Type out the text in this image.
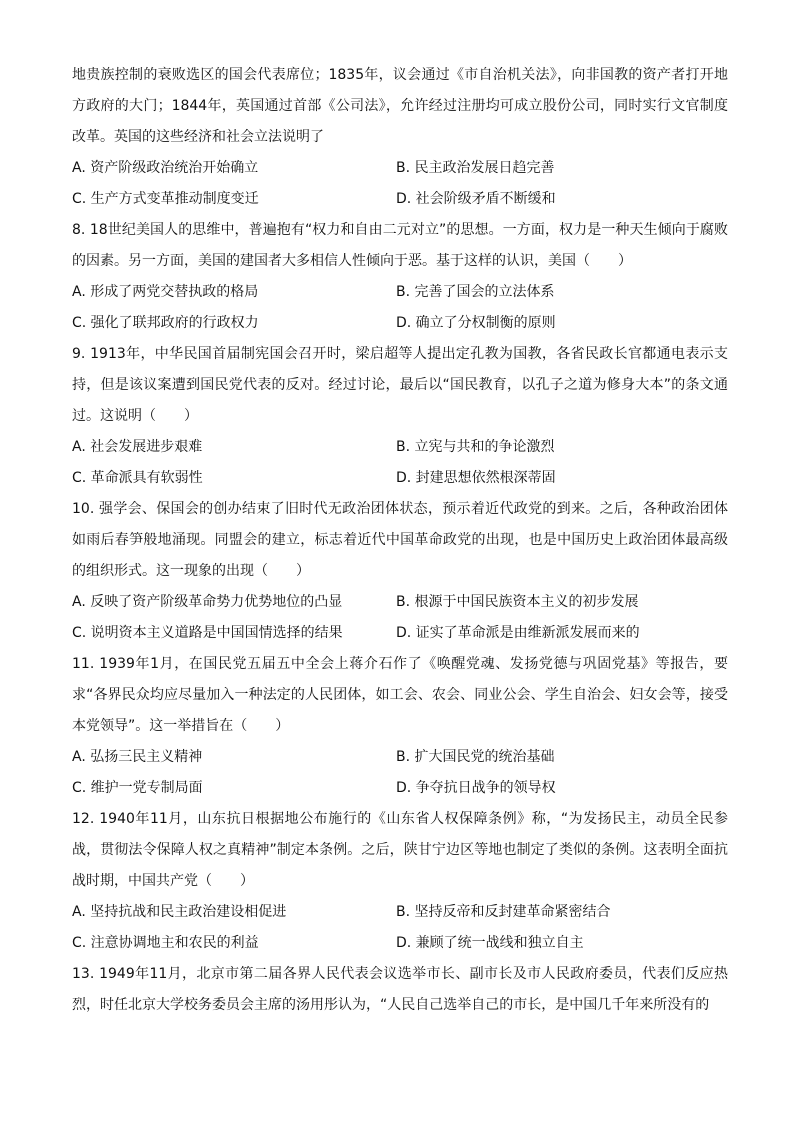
地贵族控制的衰败选区的国会代表席位；1835年，议会通过《市自治机关法》，向非国教的资产者打开地方政府的大门；1844年，英国通过首部《公司法》，允许经过注册均可成立股份公司，同时实行文官制度改革。英国的这些经济和社会立法说明了

A. 资产阶级政治统治开始确立	B. 民主政治发展日趋完善
C. 生产方式变革推动制度变迁	D. 社会阶级矛盾不断缓和

8. 18世纪美国人的思维中，普遍抱有“权力和自由二元对立”的思想。一方面，权力是一种天生倾向于腐败的因素。另一方面，美国的建国者大多相信人性倾向于恶。基于这样的认识，美国（　　）

A. 形成了两党交替执政的格局	B. 完善了国会的立法体系
C. 强化了联邦政府的行政权力	D. 确立了分权制衡的原则

9. 1913年，中华民国首届制宪国会召开时，梁启超等人提出定孔教为国教，各省民政长官都通电表示支持，但是该议案遭到国民党代表的反对。经过讨论，最后以“国民教育，以孔子之道为修身大本”的条文通过。这说明（　　）

A. 社会发展进步艰难	B. 立宪与共和的争论激烈
C. 革命派具有软弱性	D. 封建思想依然根深蒂固

10. 强学会、保国会的创办结束了旧时代无政治团体状态，预示着近代政党的到来。之后，各种政治团体如雨后春笋般地涌现。同盟会的建立，标志着近代中国革命政党的出现，也是中国历史上政治团体最高级的组织形式。这一现象的出现（　　）

A. 反映了资产阶级革命势力优势地位的凸显	B. 根源于中国民族资本主义的初步发展
C. 说明资本主义道路是中国国情选择的结果	D. 证实了革命派是由维新派发展而来的

11. 1939年1月，在国民党五届五中全会上蒋介石作了《唤醒党魂、发扬党德与巩固党基》等报告，要求“各界民众均应尽量加入一种法定的人民团体，如工会、农会、同业公会、学生自治会、妇女会等，接受本党领导”。这一举措旨在（　　）

A. 弘扬三民主义精神	B. 扩大国民党的统治基础
C. 维护一党专制局面	D. 争夺抗日战争的领导权

12. 1940年11月，山东抗日根据地公布施行的《山东省人权保障条例》称，“为发扬民主，动员全民参战，贯彻法令保障人权之真精神”制定本条例。之后，陕甘宁边区等地也制定了类似的条例。这表明全面抗战时期，中国共产党（　　）

A. 坚持抗战和民主政治建设相促进	B. 坚持反帝和反封建革命紧密结合
C. 注意协调地主和农民的利益	D. 兼顾了统一战线和独立自主

13. 1949年11月，北京市第二届各界人民代表会议选举市长、副市长及市人民政府委员，代表们反应热烈，时任北京大学校务委员会主席的汤用彤认为，“人民自己选举自己的市长，是中国几千年来所没有的
